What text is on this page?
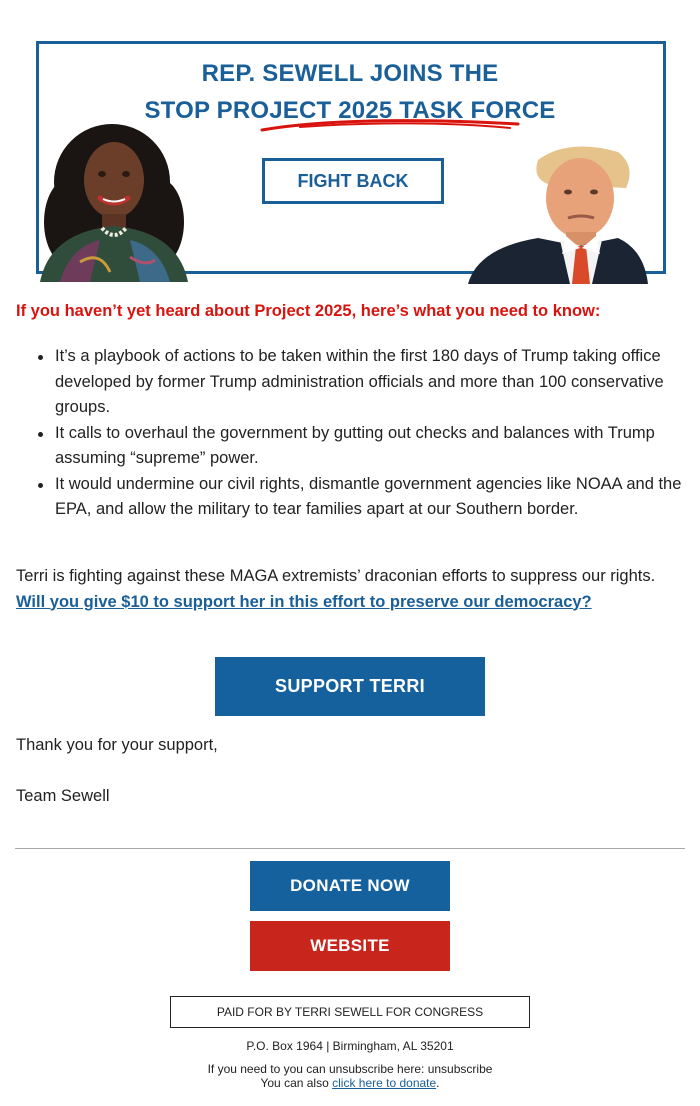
REP. SEWELL JOINS THE
STOP PROJECT 2025 TASK FORCE
FIGHT BACK
If you haven’t yet heard about Project 2025, here’s what you need to know:
It’s a playbook of actions to be taken within the first 180 days of Trump taking office developed by former Trump administration officials and more than 100 conservative groups.
It calls to overhaul the government by gutting out checks and balances with Trump assuming “supreme” power.
It would undermine our civil rights, dismantle government agencies like NOAA and the EPA, and allow the military to tear families apart at our Southern border.

Terri is fighting against these MAGA extremists’ draconian efforts to suppress our rights. Will you give $10 to support her in this effort to preserve our democracy?

SUPPORT TERRI
Thank you for your support,
Team Sewell
DONATE NOW
WEBSITE
PAID FOR BY TERRI SEWELL FOR CONGRESS
P.O. Box 1964 | Birmingham, AL 35201
If you need to you can unsubscribe here: unsubscribe
You can also click here to donate.
